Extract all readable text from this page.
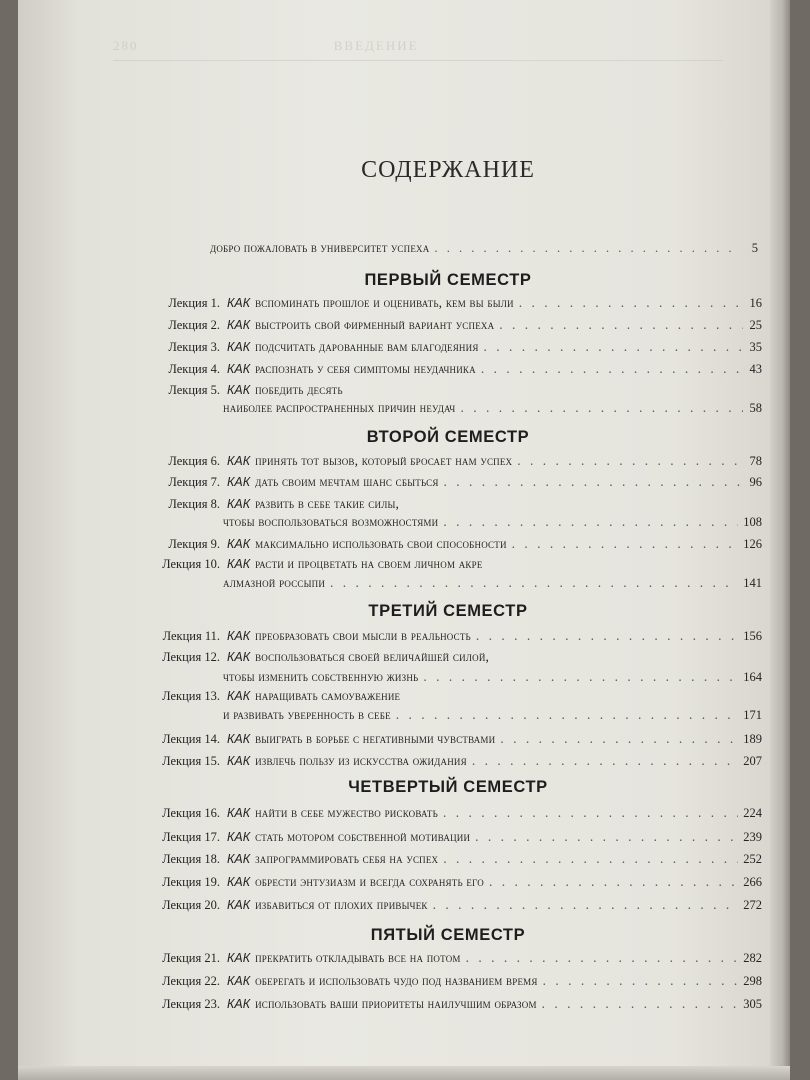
280	ВВЕДЕНИЕ
СОДЕРЖАНИЕ
добро пожаловать в университет успеха . . .	5
ПЕРВЫЙ СЕМЕСТР
ВТОРОЙ СЕМЕСТР
ТРЕТИЙ СЕМЕСТР
ЧЕТВЕРТЫЙ СЕМЕСТР
ПЯТЫЙ СЕМЕСТР
Лекция 1. КАК вспоминать прошлое и оценивать, кем вы были . . .	16
Лекция 2. КАК выстроить свой фирменный вариант успеха . . .	25
Лекция 3. КАК подсчитать дарованные вам благодеяния . . .	35
Лекция 4. КАК распознать у себя симптомы неудачника . . .	43
Лекция 5. КАК победить десять
наиболее распространенных причин неудач . . .	58
Лекция 6. КАК принять тот вызов, который бросает нам успех . . .	78
Лекция 7. КАК дать своим мечтам шанс сбыться . . .	96
Лекция 8. КАК развить в себе такие силы,
чтобы воспользоваться возможностями . . .	108
Лекция 9. КАК максимально использовать свои способности . . .	126
Лекция 10. КАК расти и процветать на своем личном акре
алмазной россыпи . . .	141
Лекция 11. КАК преобразовать свои мысли в реальность . . .	156
Лекция 12. КАК воспользоваться своей величайшей силой,
чтобы изменить собственную жизнь . . .	164
Лекция 13. КАК наращивать самоуважение
и развивать уверенность в себе . . .	171
Лекция 14. КАК выиграть в борьбе с негативными чувствами . . .	189
Лекция 15. КАК извлечь пользу из искусства ожидания . . .	207
Лекция 16. КАК найти в себе мужество рисковать . . .	224
Лекция 17. КАК стать мотором собственной мотивации . . .	239
Лекция 18. КАК запрограммировать себя на успех . . .	252
Лекция 19. КАК обрести энтузиазм и всегда сохранять его . . .	266
Лекция 20. КАК избавиться от плохих привычек . . .	272
Лекция 21. КАК прекратить откладывать все на потом . . .	282
Лекция 22. КАК оберегать и использовать чудо под названием время . . .	298
Лекция 23. КАК использовать ваши приоритеты наилучшим образом . . .	305
